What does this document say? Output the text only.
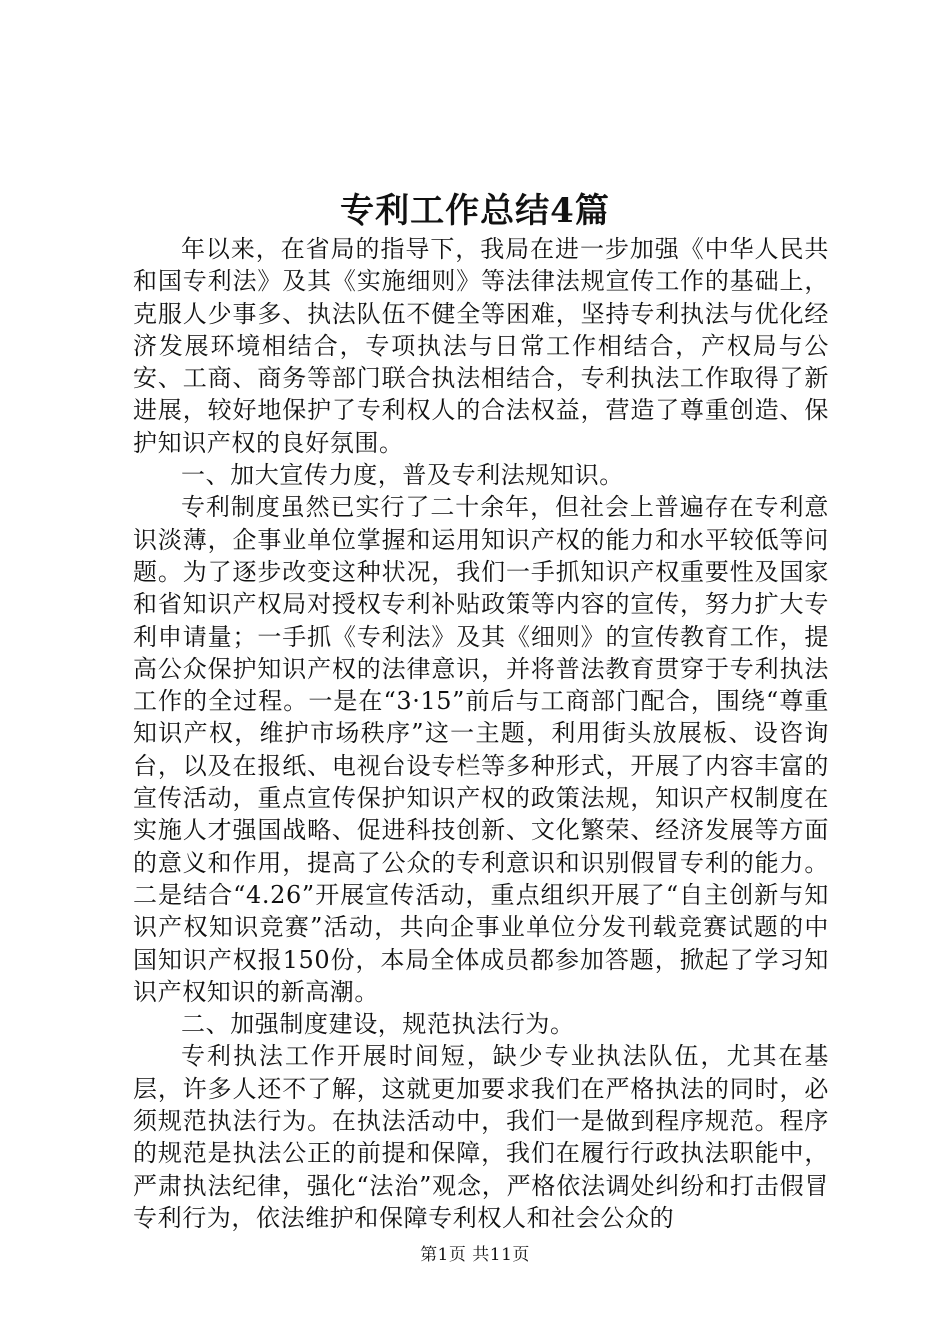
专利工作总结4篇

年以来，在省局的指导下，我局在进一步加强《中华人民共和国专利法》及其《实施细则》等法律法规宣传工作的基础上，克服人少事多、执法队伍不健全等困难，坚持专利执法与优化经济发展环境相结合，专项执法与日常工作相结合，产权局与公安、工商、商务等部门联合执法相结合，专利执法工作取得了新进展，较好地保护了专利权人的合法权益，营造了尊重创造、保护知识产权的良好氛围。

一、加大宣传力度，普及专利法规知识。

专利制度虽然已实行了二十余年，但社会上普遍存在专利意识淡薄，企事业单位掌握和运用知识产权的能力和水平较低等问题。为了逐步改变这种状况，我们一手抓知识产权重要性及国家和省知识产权局对授权专利补贴政策等内容的宣传，努力扩大专利申请量；一手抓《专利法》及其《细则》的宣传教育工作，提高公众保护知识产权的法律意识，并将普法教育贯穿于专利执法工作的全过程。一是在“3·15”前后与工商部门配合，围绕“尊重知识产权，维护市场秩序”这一主题，利用街头放展板、设咨询台，以及在报纸、电视台设专栏等多种形式，开展了内容丰富的宣传活动，重点宣传保护知识产权的政策法规，知识产权制度在实施人才强国战略、促进科技创新、文化繁荣、经济发展等方面的意义和作用，提高了公众的专利意识和识别假冒专利的能力。二是结合“4.26”开展宣传活动，重点组织开展了“自主创新与知识产权知识竞赛”活动，共向企事业单位分发刊载竞赛试题的中国知识产权报150份，本局全体成员都参加答题，掀起了学习知识产权知识的新高潮。

二、加强制度建设，规范执法行为。

专利执法工作开展时间短，缺少专业执法队伍，尤其在基层，许多人还不了解，这就更加要求我们在严格执法的同时，必须规范执法行为。在执法活动中，我们一是做到程序规范。程序的规范是执法公正的前提和保障，我们在履行行政执法职能中，严肃执法纪律，强化“法治”观念，严格依法调处纠纷和打击假冒专利行为，依法维护和保障专利权人和社会公众的

第1页 共11页
